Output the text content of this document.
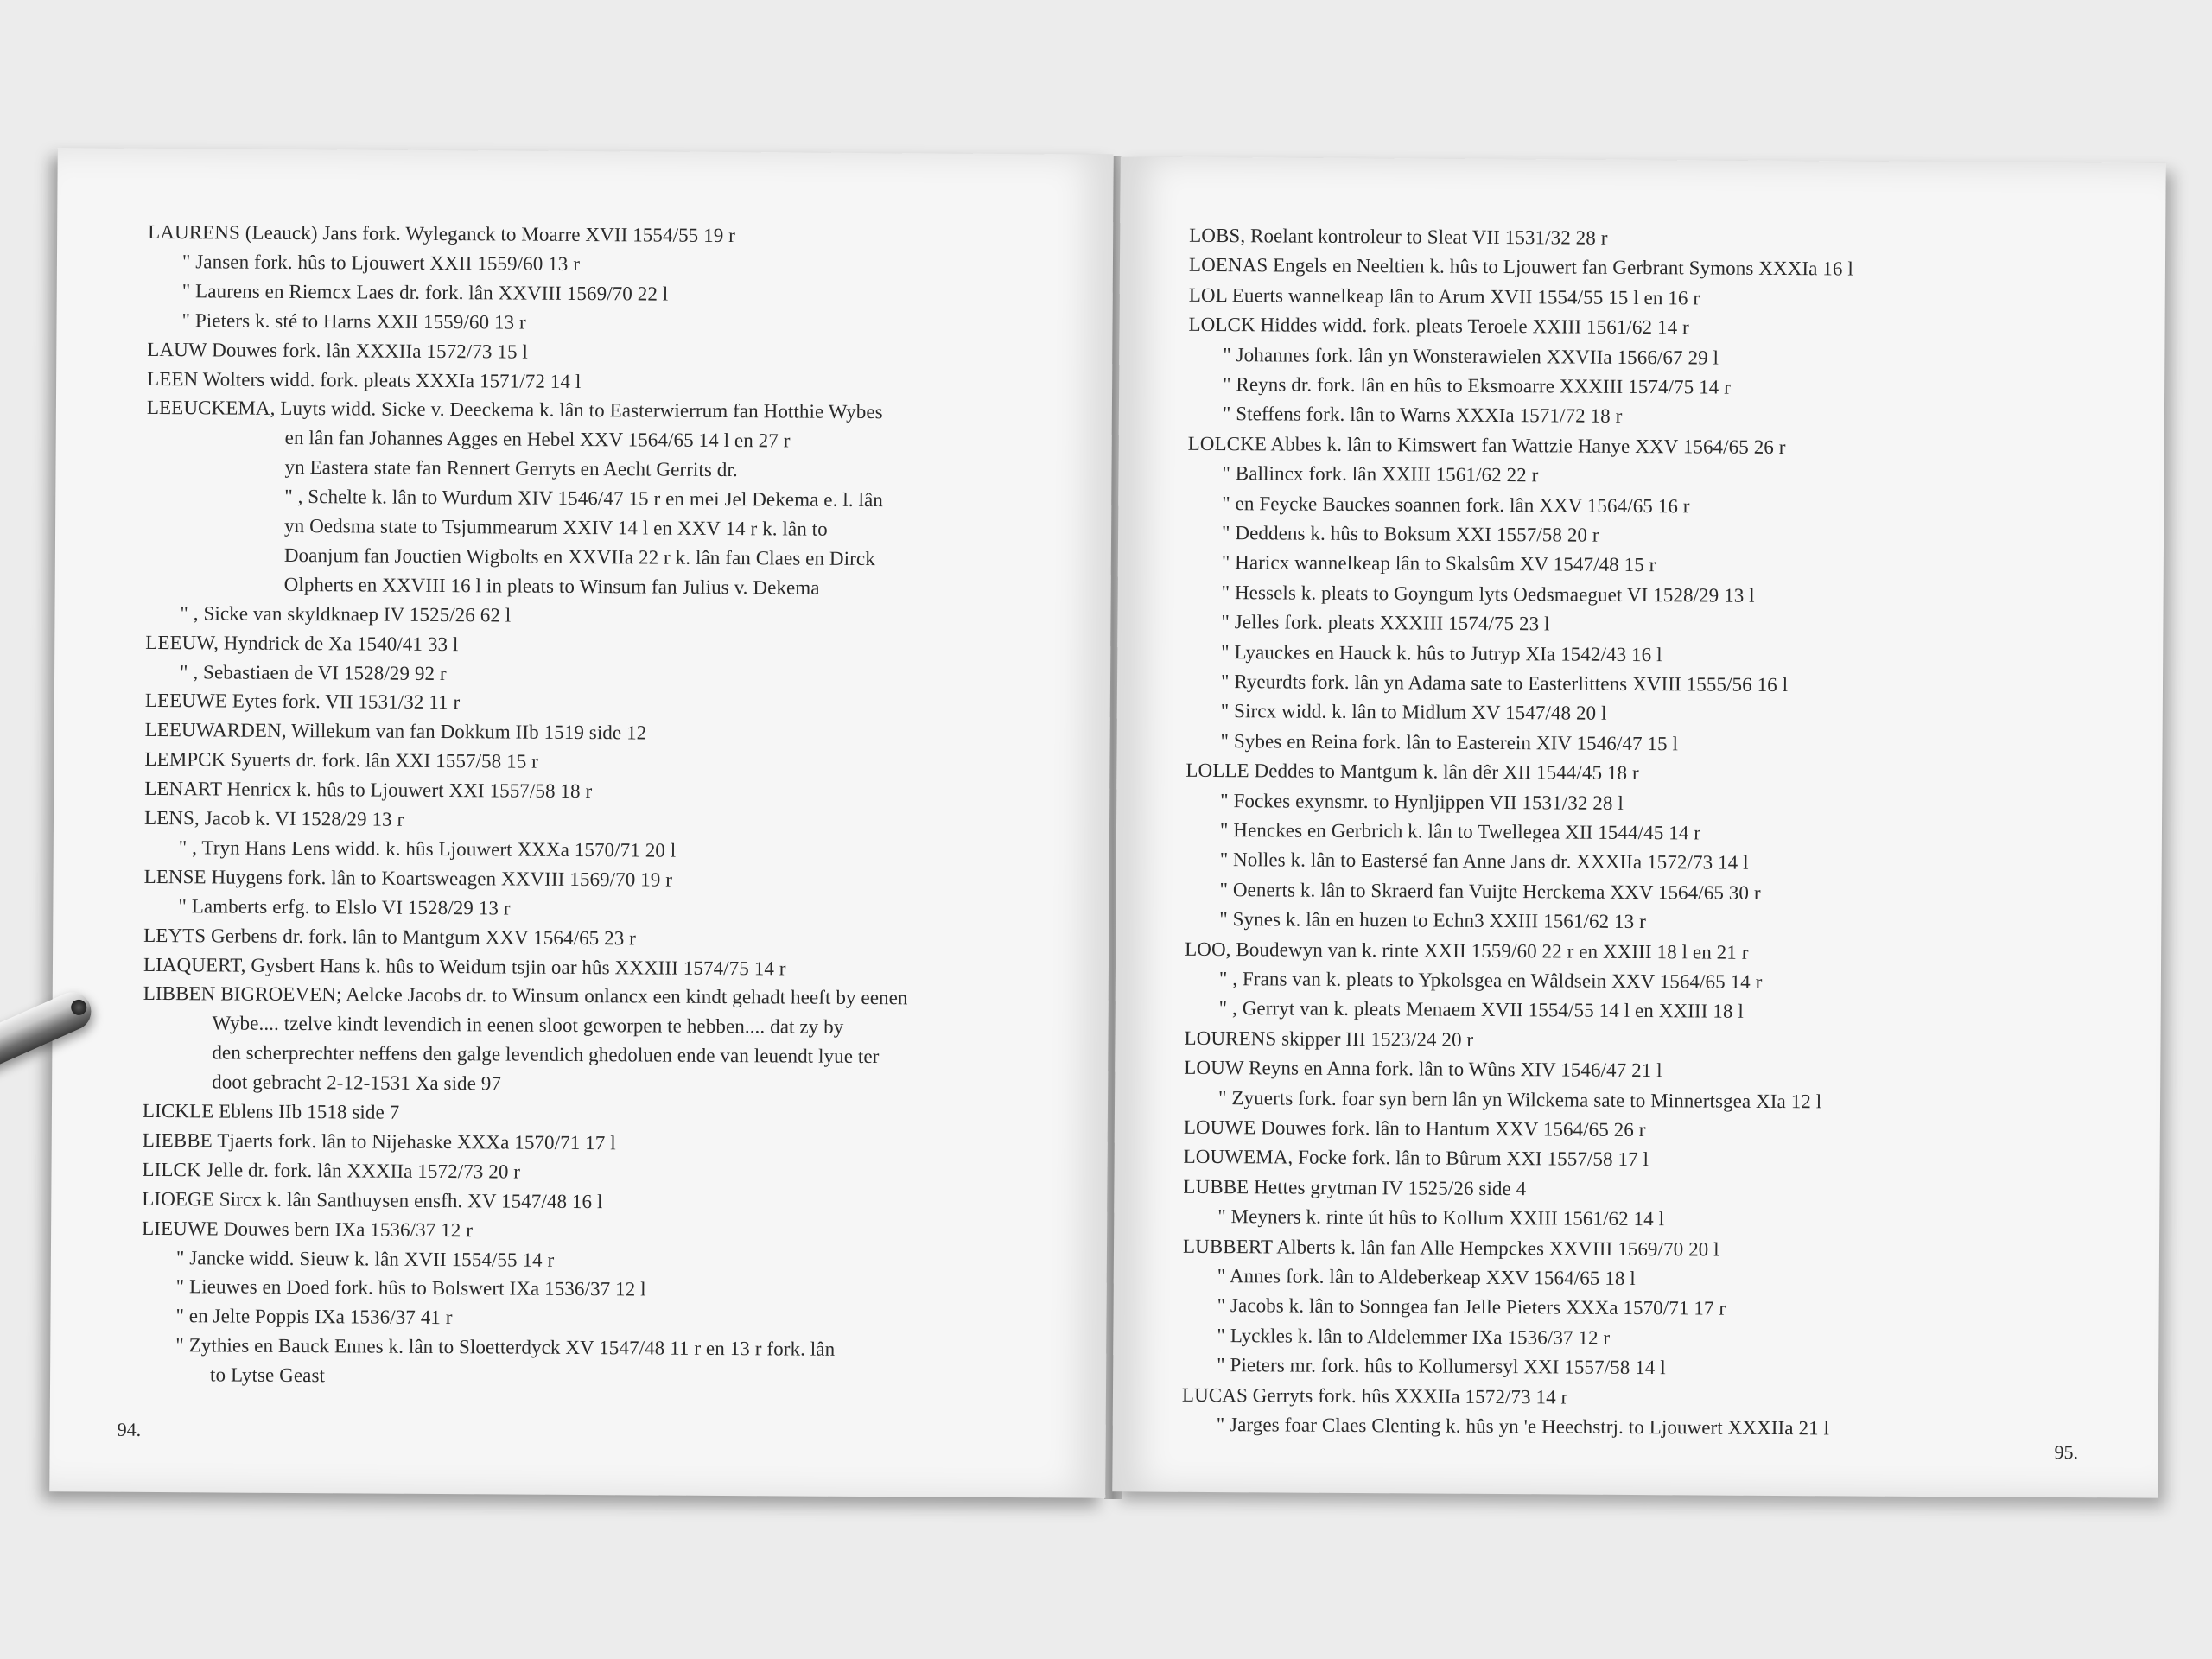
LAURENS (Leauck) Jans fork. Wyleganck to Moarre XVII 1554/55 19 r
" Jansen fork. hûs to Ljouwert XXII 1559/60 13 r
" Laurens en Riemcx Laes dr. fork. lân XXVIII 1569/70 22 l
" Pieters k. sté to Harns XXII 1559/60 13 r
LAUW Douwes fork. lân XXXIIa 1572/73 15 l
LEEN Wolters widd. fork. pleats XXXIa 1571/72 14 l
LEEUCKEMA, Luyts widd. Sicke v. Deeckema k. lân to Easterwierrum fan Hotthie Wybes
en lân fan Johannes Agges en Hebel XXV 1564/65 14 l en 27 r
yn Eastera state fan Rennert Gerryts en Aecht Gerrits dr.
" , Schelte k. lân to Wurdum XIV 1546/47 15 r en mei Jel Dekema e. l. lân
yn Oedsma state to Tsjummearum XXIV 14 l en XXV 14 r k. lân to
Doanjum fan Jouctien Wigbolts en XXVIIa 22 r k. lân fan Claes en Dirck
Olpherts en XXVIII 16 l in pleats to Winsum fan Julius v. Dekema
" , Sicke van skyldknaep IV 1525/26 62 l
LEEUW, Hyndrick de Xa 1540/41 33 l
" , Sebastiaen de VI 1528/29 92 r
LEEUWE Eytes fork. VII 1531/32 11 r
LEEUWARDEN, Willekum van fan Dokkum IIb 1519 side 12
LEMPCK Syuerts dr. fork. lân XXI 1557/58 15 r
LENART Henricx k. hûs to Ljouwert XXI 1557/58 18 r
LENS, Jacob k. VI 1528/29 13 r
" , Tryn Hans Lens widd. k. hûs Ljouwert XXXa 1570/71 20 l
LENSE Huygens fork. lân to Koartsweagen XXVIII 1569/70 19 r
" Lamberts erfg. to Elslo VI 1528/29 13 r
LEYTS Gerbens dr. fork. lân to Mantgum XXV 1564/65 23 r
LIAQUERT, Gysbert Hans k. hûs to Weidum tsjin oar hûs XXXIII 1574/75 14 r
LIBBEN BIGROEVEN; Aelcke Jacobs dr. to Winsum onlancx een kindt gehadt heeft by eenen
Wybe.... tzelve kindt levendich in eenen sloot geworpen te hebben.... dat zy by
den scherprechter neffens den galge levendich ghedoluen ende van leuendt lyue ter
doot gebracht 2-12-1531 Xa side 97
LICKLE Eblens IIb 1518 side 7
LIEBBE Tjaerts fork. lân to Nijehaske XXXa 1570/71 17 l
LILCK Jelle dr. fork. lân XXXIIa 1572/73 20 r
LIOEGE Sircx k. lân Santhuysen ensfh. XV 1547/48 16 l
LIEUWE Douwes bern IXa 1536/37 12 r
" Jancke widd. Sieuw k. lân XVII 1554/55 14 r
" Lieuwes en Doed fork. hûs to Bolswert IXa 1536/37 12 l
" en Jelte Poppis IXa 1536/37 41 r
" Zythies en Bauck Ennes k. lân to Sloetterdyck XV 1547/48 11 r en 13 r fork. lân
to Lytse Geast
94.
LOBS, Roelant kontroleur to Sleat VII 1531/32 28 r
LOENAS Engels en Neeltien k. hûs to Ljouwert fan Gerbrant Symons XXXIa 16 l
LOL Euerts wannelkeap lân to Arum XVII 1554/55 15 l en 16 r
LOLCK Hiddes widd. fork. pleats Teroele XXIII 1561/62 14 r
" Johannes fork. lân yn Wonsterawielen XXVIIa 1566/67 29 l
" Reyns dr. fork. lân en hûs to Eksmoarre XXXIII 1574/75 14 r
" Steffens fork. lân to Warns XXXIa 1571/72 18 r
LOLCKE Abbes k. lân to Kimswert fan Wattzie Hanye XXV 1564/65 26 r
" Ballincx fork. lân XXIII 1561/62 22 r
" en Feycke Bauckes soannen fork. lân XXV 1564/65 16 r
" Deddens k. hûs to Boksum XXI 1557/58 20 r
" Haricx wannelkeap lân to Skalsûm XV 1547/48 15 r
" Hessels k. pleats to Goyngum lyts Oedsmaeguet VI 1528/29 13 l
" Jelles fork. pleats XXXIII 1574/75 23 l
" Lyauckes en Hauck k. hûs to Jutryp XIa 1542/43 16 l
" Ryeurdts fork. lân yn Adama sate to Easterlittens XVIII 1555/56 16 l
" Sircx widd. k. lân to Midlum XV 1547/48 20 l
" Sybes en Reina fork. lân to Easterein XIV 1546/47 15 l
LOLLE Deddes to Mantgum k. lân dêr XII 1544/45 18 r
" Fockes exynsmr. to Hynljippen VII 1531/32 28 l
" Henckes en Gerbrich k. lân to Twellegea XII 1544/45 14 r
" Nolles k. lân to Eastersé fan Anne Jans dr. XXXIIa 1572/73 14 l
" Oenerts k. lân to Skraerd fan Vuijte Herckema XXV 1564/65 30 r
" Synes k. lân en huzen to Echn3 XXIII 1561/62 13 r
LOO, Boudewyn van k. rinte XXII 1559/60 22 r en XXIII 18 l en 21 r
" , Frans van k. pleats to Ypkolsgea en Wâldsein XXV 1564/65 14 r
" , Gerryt van k. pleats Menaem XVII 1554/55 14 l en XXIII 18 l
LOURENS skipper III 1523/24 20 r
LOUW Reyns en Anna fork. lân to Wûns XIV 1546/47 21 l
" Zyuerts fork. foar syn bern lân yn Wilckema sate to Minnertsgea XIa 12 l
LOUWE Douwes fork. lân to Hantum XXV 1564/65 26 r
LOUWEMA, Focke fork. lân to Bûrum XXI 1557/58 17 l
LUBBE Hettes grytman IV 1525/26 side 4
" Meyners k. rinte út hûs to Kollum XXIII 1561/62 14 l
LUBBERT Alberts k. lân fan Alle Hempckes XXVIII 1569/70 20 l
" Annes fork. lân to Aldeberkeap XXV 1564/65 18 l
" Jacobs k. lân to Sonngea fan Jelle Pieters XXXa 1570/71 17 r
" Lyckles k. lân to Aldelemmer IXa 1536/37 12 r
" Pieters mr. fork. hûs to Kollumersyl XXI 1557/58 14 l
LUCAS Gerryts fork. hûs XXXIIa 1572/73 14 r
" Jarges foar Claes Clenting k. hûs yn 'e Heechstrj. to Ljouwert XXXIIa 21 l
95.
